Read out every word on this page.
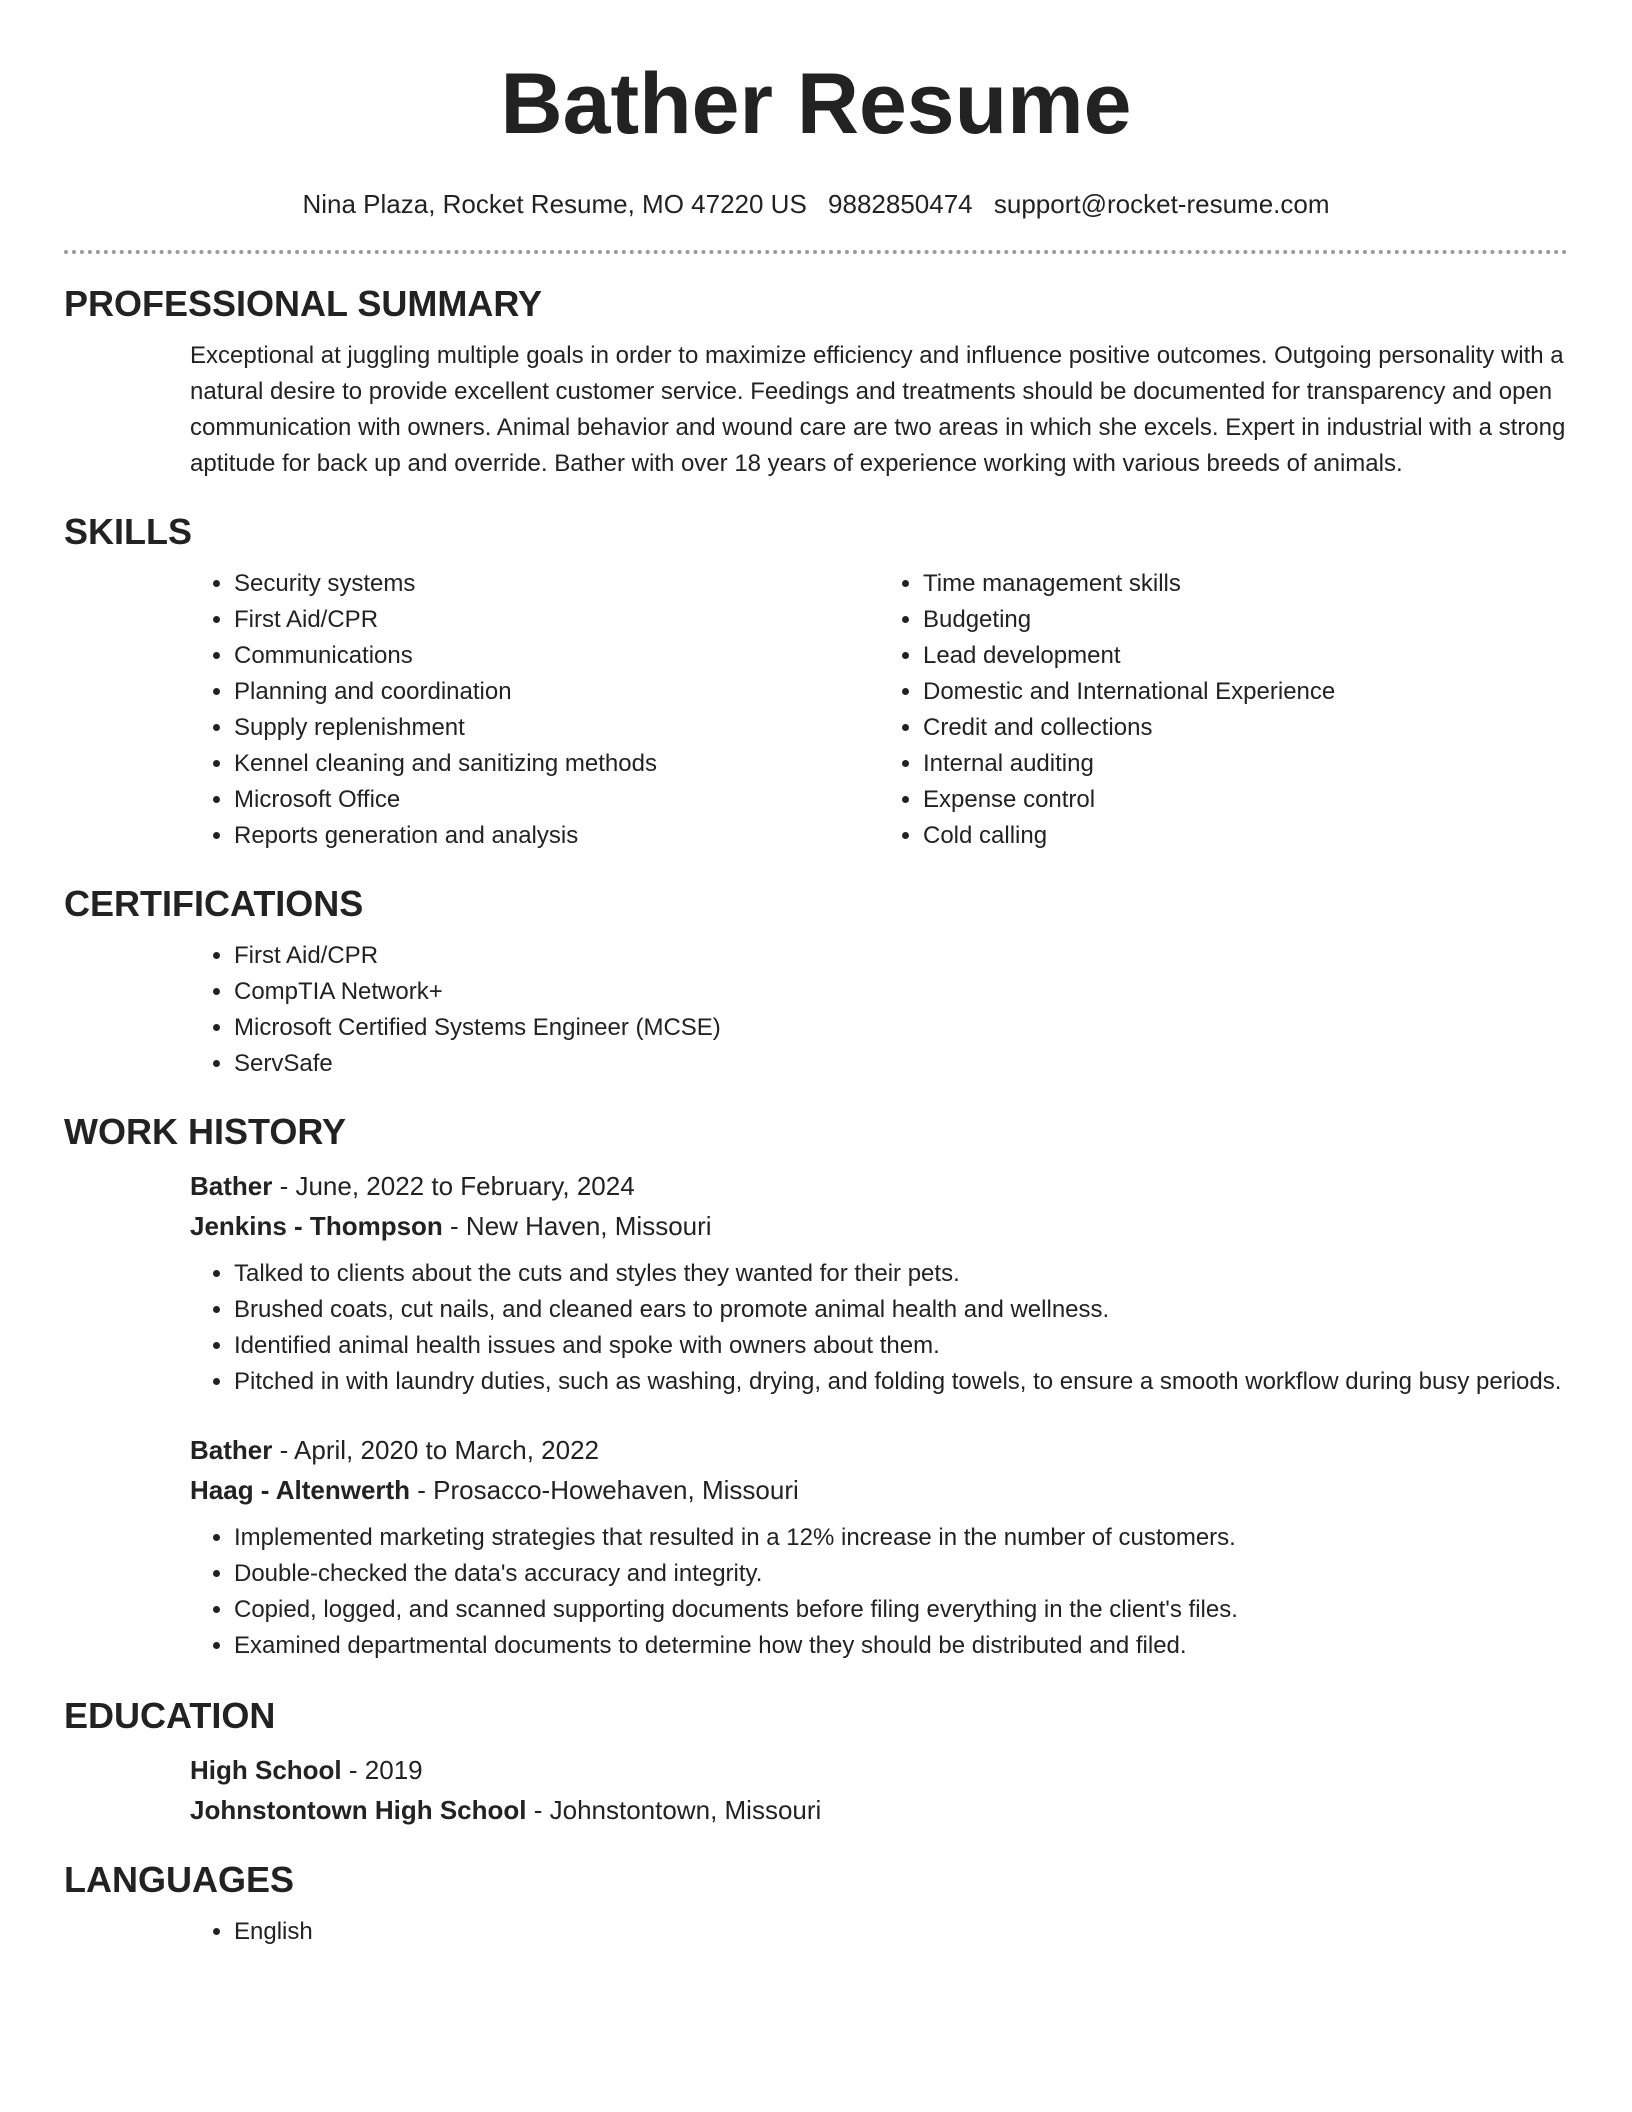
Bather Resume
Nina Plaza, Rocket Resume, MO 47220 US 9882850474 support@rocket-resume.com
PROFESSIONAL SUMMARY

Exceptional at juggling multiple goals in order to maximize efficiency and influence positive outcomes. Outgoing personality with a natural desire to provide excellent customer service. Feedings and treatments should be documented for transparency and open communication with owners. Animal behavior and wound care are two areas in which she excels. Expert in industrial with a strong aptitude for back up and override. Bather with over 18 years of experience working with various breeds of animals.

SKILLS
• Security systems
• First Aid/CPR
• Communications
• Planning and coordination
• Supply replenishment
• Kennel cleaning and sanitizing methods
• Microsoft Office
• Reports generation and analysis
• Time management skills
• Budgeting
• Lead development
• Domestic and International Experience
• Credit and collections
• Internal auditing
• Expense control
• Cold calling
CERTIFICATIONS
• First Aid/CPR
• CompTIA Network+
• Microsoft Certified Systems Engineer (MCSE)
• ServSafe
WORK HISTORY
Bather - June, 2022 to February, 2024
Jenkins - Thompson - New Haven, Missouri
• Talked to clients about the cuts and styles they wanted for their pets.
• Brushed coats, cut nails, and cleaned ears to promote animal health and wellness.
• Identified animal health issues and spoke with owners about them.
• Pitched in with laundry duties, such as washing, drying, and folding towels, to ensure a smooth workflow during busy periods.
Bather - April, 2020 to March, 2022
Haag - Altenwerth - Prosacco-Howehaven, Missouri
• Implemented marketing strategies that resulted in a 12% increase in the number of customers.
• Double-checked the data's accuracy and integrity.
• Copied, logged, and scanned supporting documents before filing everything in the client's files.
• Examined departmental documents to determine how they should be distributed and filed.
EDUCATION
High School - 2019
Johnstontown High School - Johnstontown, Missouri
LANGUAGES
• English
